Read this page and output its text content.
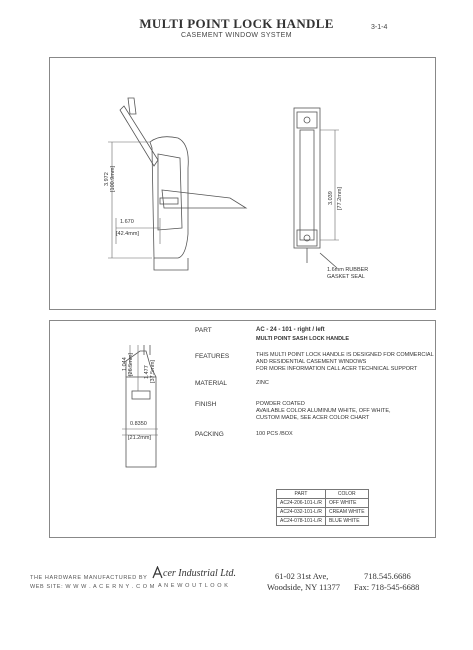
MULTI POINT LOCK HANDLE
CASEMENT WINDOW SYSTEM
3-1-4
3.972 [100.9mm]
1.670
[42.4mm]
3.039 [77.2mm]
1.6mm RUBBER
GASKET SEAL
1.044 [26.5mm] 1.477 [37.5mm]
0.8350
[21.2mm]
PART	AC - 24 - 101 - right / left
MULTI POINT SASH LOCK HANDLE
FEATURES	THIS MULTI POINT LOCK HANDLE IS DESIGNED FOR COMMERCIAL
AND RESIDENTIAL CASEMENT WINDOWS
FOR MORE INFORMATION CALL ACER TECHNICAL SUPPORT
MATERIAL	ZINC
FINISH	POWDER COATED
AVAILABLE COLOR ALUMINUM WHITE, OFF WHITE,
CUSTOM MADE, SEE ACER COLOR CHART
PACKING	100 PCS /BOX
PART	COLOR
AC24-206-101-L/R	OFF WHITE
AC24-032-101-L/R	CREAM WHITE
AC24-078-101-L/R	BLUE WHITE
THE HARDWARE MANUFACTURED BY
WEB SITE: W W W . A C E R N Y . C O M
cer Industrial Ltd.
A N E W O U T L O O K
61-02 31st Ave,
Woodside, NY 11377
718.545.6686
Fax: 718-545-6688
